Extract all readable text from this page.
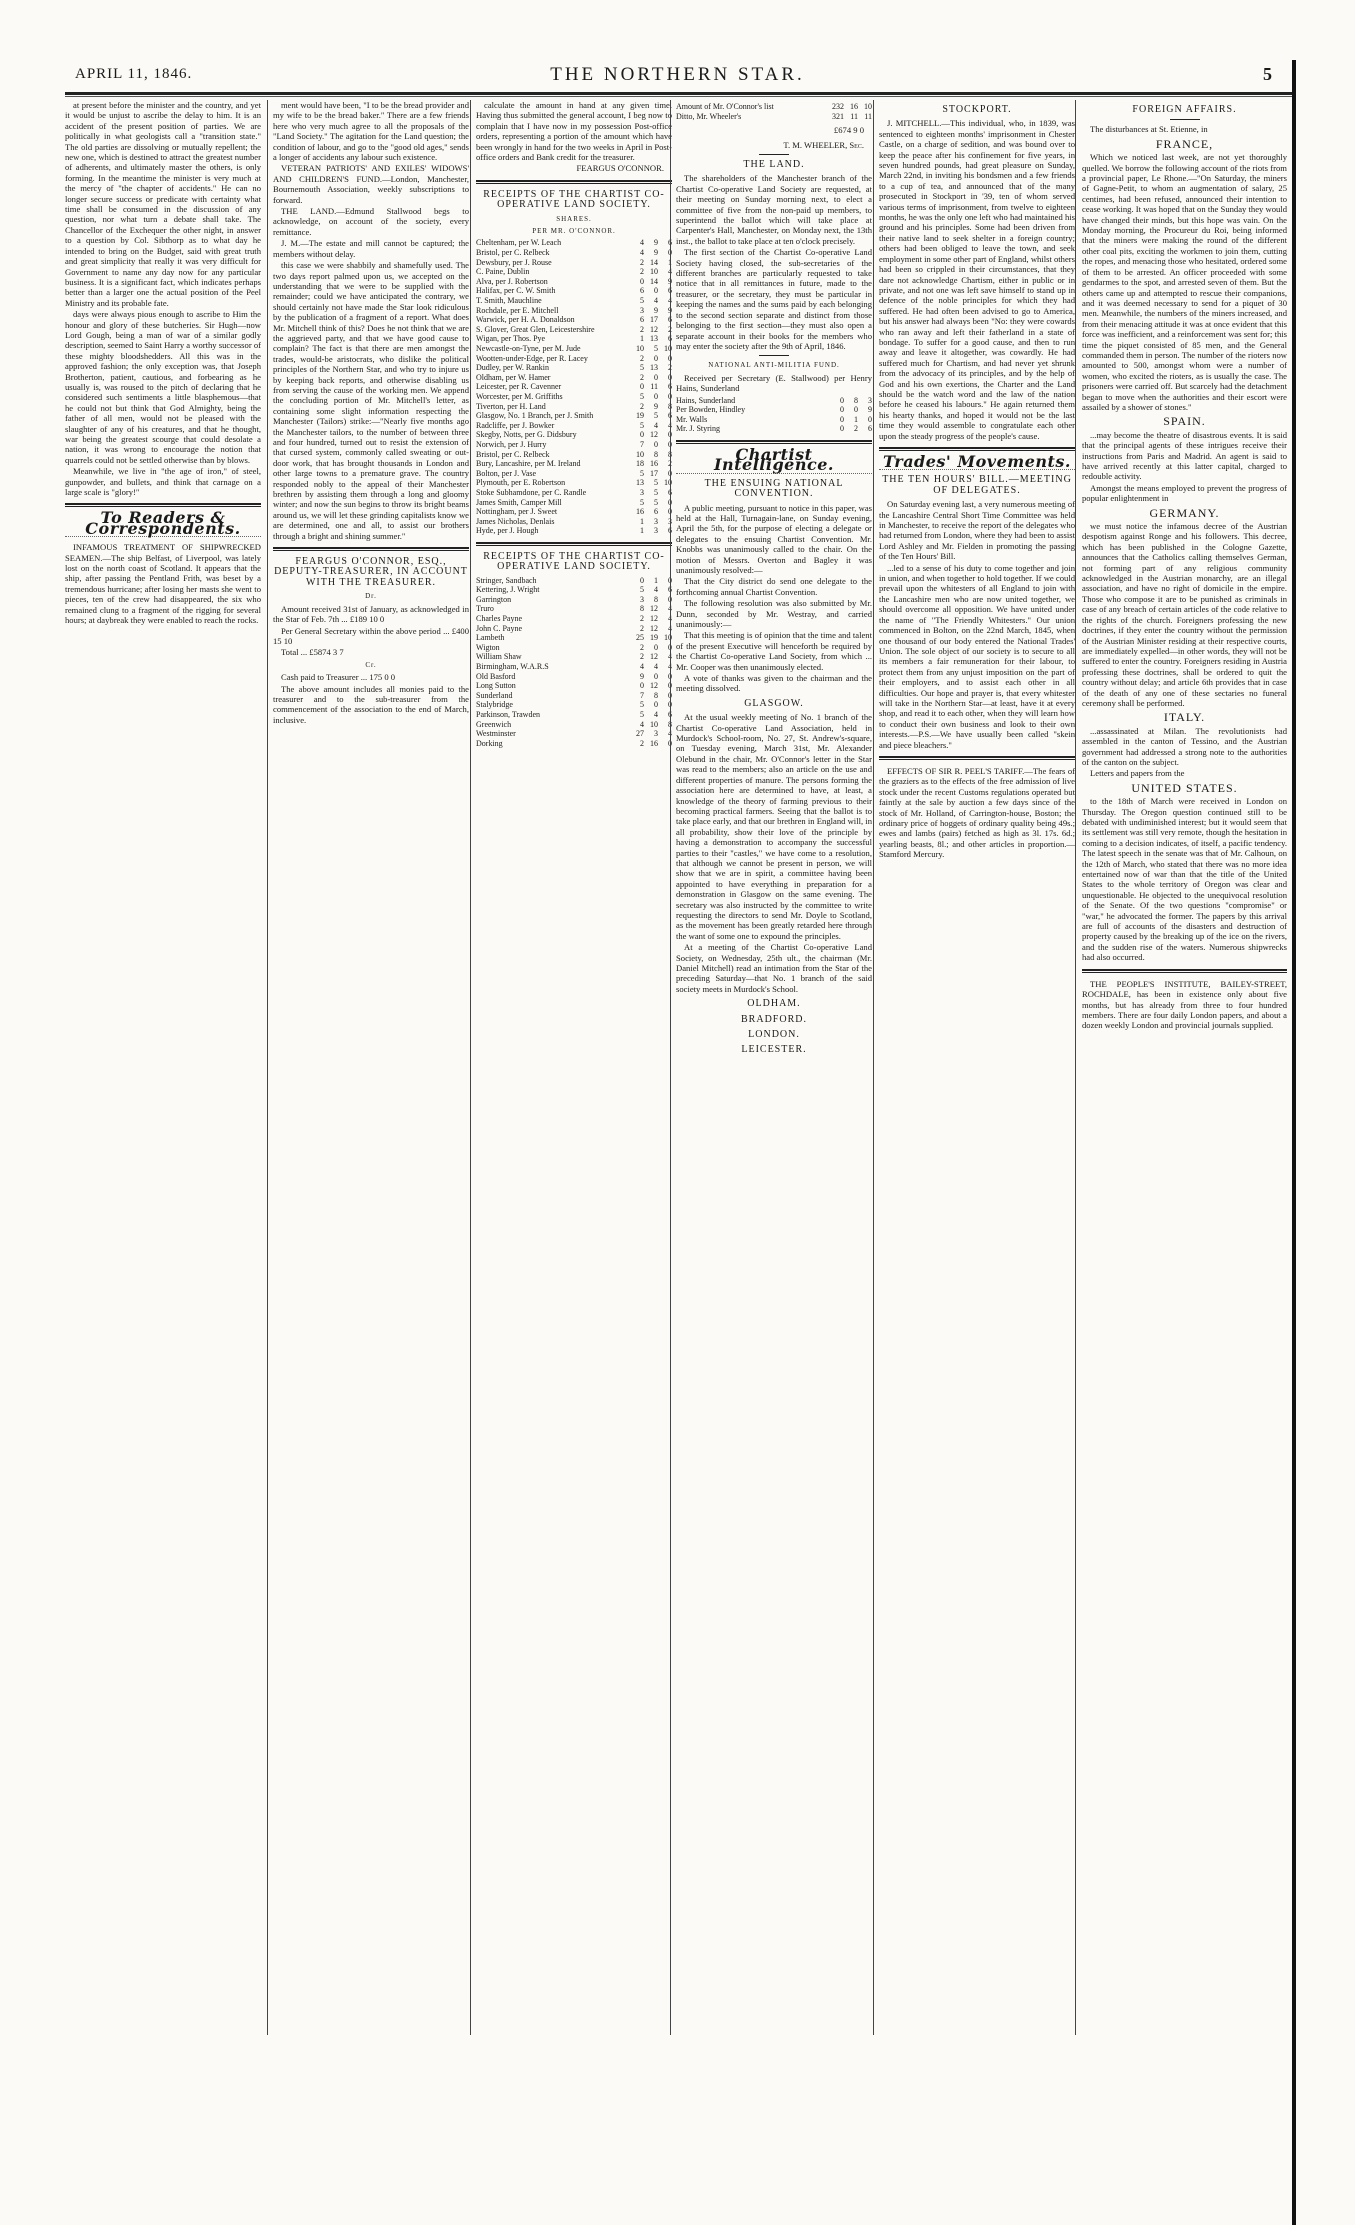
APRIL 11, 1846.	THE NORTHERN STAR.	5

at present before the minister and the country, and yet it would be unjust to ascribe the delay to him. It is an accident of the present position of parties. We are politically in what geologists call a "transition state." The old parties are dissolving or mutually repellent; the new one, which is destined to attract the greatest number of adherents, and ultimately master the others, is only forming. In the meantime the minister is very much at the mercy of "the chapter of accidents." He can no longer secure success or predicate with certainty what time shall be consumed in the discussion of any question, nor what turn a debate shall take. The Chancellor of the Exchequer the other night, in answer to a question by Col. Sibthorp as to what day he intended to bring on the Budget, said with great truth and great simplicity that really it was very difficult for Government to name any day now for any particular business. It is a significant fact, which indicates perhaps better than a larger one the actual position of the Peel Ministry and its probable fate.

days were always pious enough to ascribe to Him the honour and glory of these butcheries. Sir Hugh—now Lord Gough, being a man of war of a similar godly description, seemed to Saint Harry a worthy successor of these mighty bloodshedders. All this was in the approved fashion; the only exception was, that Joseph Brotherton, patient, cautious, and forbearing as he usually is, was roused to the pitch of declaring that he considered such sentiments a little blasphemous—that he could not but think that God Almighty, being the father of all men, would not be pleased with the slaughter of any of his creatures, and that he thought, war being the greatest scourge that could desolate a nation, it was wrong to encourage the notion that quarrels could not be settled otherwise than by blows.

Meanwhile, we live in "the age of iron," of steel, gunpowder, and bullets, and think that carnage on a large scale is "glory!"

To Readers & Correspondents.

INFAMOUS TREATMENT OF SHIPWRECKED SEAMEN.—The ship Belfast, of Liverpool, was lately lost on the north coast of Scotland. It appears that the ship, after passing the Pentland Frith, was beset by a tremendous hurricane; after losing her masts she went to pieces, ten of the crew had disappeared, the six who remained clung to a fragment of the rigging for several hours; at daybreak they were enabled to reach the rocks.

ment would have been, "I to be the bread provider and my wife to be the bread baker." There are a few friends here who very much agree to all the proposals of the "Land Society." The agitation for the Land question; the condition of labour, and go to the "good old ages," sends a longer of accidents any labour such existence.

VETERAN PATRIOTS' AND EXILES' WIDOWS' AND CHILDREN'S FUND.—London, Manchester, Bournemouth Association, weekly subscriptions to forward.

THE LAND.—Edmund Stallwood begs to acknowledge, on account of the society, every remittance.

J. M.—The estate and mill cannot be captured; the members without delay.

this case we were shabbily and shamefully used. The two days report palmed upon us, we accepted on the understanding that we were to be supplied with the remainder; could we have anticipated the contrary, we should certainly not have made the Star look ridiculous by the publication of a fragment of a report. What does Mr. Mitchell think of this? Does he not think that we are the aggrieved party, and that we have good cause to complain? The fact is that there are men amongst the trades, would-be aristocrats, who dislike the political principles of the Northern Star, and who try to injure us by keeping back reports, and otherwise disabling us from serving the cause of the working men. We append the concluding portion of Mr. Mitchell's letter, as containing some slight information respecting the Manchester (Tailors) strike:—"Nearly five months ago the Manchester tailors, to the number of between three and four hundred, turned out to resist the extension of that cursed system, commonly called sweating or out-door work, that has brought thousands in London and other large towns to a premature grave. The country responded nobly to the appeal of their Manchester brethren by assisting them through a long and gloomy winter; and now the sun begins to throw its bright beams around us, we will let these grinding capitalists know we are determined, one and all, to assist our brothers through a bright and shining summer."

FEARGUS O'CONNOR, ESQ., DEPUTY-TREASURER, IN ACCOUNT WITH THE TREASURER.
Dr.

Amount received 31st of January, as acknowledged in the Star of Feb. 7th ... £189 10 0

Per General Secretary within the above period ... £400 15 10

Total ... £5874 3 7

Cr.

Cash paid to Treasurer ... 175 0 0

The above amount includes all monies paid to the treasurer and to the sub-treasurer from the commencement of the association to the end of March, inclusive.

calculate the amount in hand at any given time. Having thus submitted the general account, I beg now to complain that I have now in my possession Post-office orders, representing a portion of the amount which have been wrongly in hand for the two weeks in April in Post-office orders and Bank credit for the treasurer.

FEARGUS O'CONNOR.
RECEIPTS OF THE CHARTIST CO-OPERATIVE LAND SOCIETY.
SHARES.
PER MR. O'CONNOR.
Cheltenham, per W. Leach	4	9	6
Bristol, per C. Relbeck	4	9	0
Dewsbury, per J. Rouse	2	14	1
C. Paine, Dublin	2	10	4
Alva, per J. Robertson	0	14	9
Halifax, per C. W. Smith	6	0	6
T. Smith, Mauchline	5	4	4
Rochdale, per E. Mitchell	3	9	9
Warwick, per H. A. Donaldson	6	17	6
S. Glover, Great Glen, Leicestershire	2	12	2
Wigan, per Thos. Pye	1	13	6
Newcastle-on-Tyne, per M. Jude	10	5	10
Wootten-under-Edge, per R. Lacey	2	0	0
Dudley, per W. Rankin	5	13	2
Oldham, per W. Hamer	2	0	0
Leicester, per R. Cavenner	0	11	6
Worcester, per M. Griffiths	5	0	0
Tiverton, per H. Land	2	9	8
Glasgow, No. 1 Branch, per J. Smith	19	5	6
Radcliffe, per J. Bowker	5	4	4
Skegby, Notts, per G. Didsbury	0	12	0
Norwich, per J. Hurry	7	0	0
Bristol, per C. Relbeck	10	8	8
Bury, Lancashire, per M. Ireland	18	16	2
Bolton, per J. Vase	5	17	0
Plymouth, per E. Robertson	13	5	10
Stoke Subhamdone, per C. Randle	3	5	6
James Smith, Camper Mill	5	5	0
Nottingham, per J. Sweet	16	6	0
James Nicholas, Denlais	1	3	3
Hyde, per J. Hough	1	3	6
RECEIPTS OF THE CHARTIST CO-OPERATIVE LAND SOCIETY.
Stringer, Sandbach	0	1	0
Kettering, J. Wright	5	4	6
Garrington	3	8	0
Truro	8	12	4
Charles Payne	2	12	4
John C. Payne	2	12	4
Lambeth	25	19	10
Wigton	2	0	0
William Shaw	2	12	4
Birmingham, W.A.R.S	4	4	4
Old Basford	9	0	0
Long Sutton	0	12	0
Sunderland	7	8	0
Stalybridge	5	0	0
Parkinson, Trawden	5	4	6
Greenwich	4	10	8
Westminster	27	3	4
Dorking	2	16	0
Amount of Mr. O'Connor's list	232	16	10
Ditto, Mr. Wheeler's	321	11	11
£674 9 0
T. M. WHEELER, Sec.
THE LAND.

The shareholders of the Manchester branch of the Chartist Co-operative Land Society are requested, at their meeting on Sunday morning next, to elect a committee of five from the non-paid up members, to superintend the ballot which will take place at Carpenter's Hall, Manchester, on Monday next, the 13th inst., the ballot to take place at ten o'clock precisely.

The first section of the Chartist Co-operative Land Society having closed, the sub-secretaries of the different branches are particularly requested to take notice that in all remittances in future, made to the treasurer, or the secretary, they must be particular in keeping the names and the sums paid by each belonging to the second section separate and distinct from those belonging to the first section—they must also open a separate account in their books for the members who may enter the society after the 9th of April, 1846.

NATIONAL ANTI-MILITIA FUND.

Received per Secretary (E. Stallwood) per Henry Hains, Sunderland

Hains, Sunderland	0	8	3
Per Bowden, Hindley	0	0	9
Mr. Walls	0	1	0
Mr. J. Styring	0	2	6
Chartist Intelligence.
THE ENSUING NATIONAL CONVENTION.

A public meeting, pursuant to notice in this paper, was held at the Hall, Turnagain-lane, on Sunday evening, April the 5th, for the purpose of electing a delegate or delegates to the ensuing Chartist Convention. Mr. Knobbs was unanimously called to the chair. On the motion of Messrs. Overton and Bagley it was unanimously resolved:—

That the City district do send one delegate to the forthcoming annual Chartist Convention.

The following resolution was also submitted by Mr. Dunn, seconded by Mr. Westray, and carried unanimously:—

That this meeting is of opinion that the time and talent of the present Executive will henceforth be required by the Chartist Co-operative Land Society, from which ... Mr. Cooper was then unanimously elected.

A vote of thanks was given to the chairman and the meeting dissolved.

GLASGOW.

At the usual weekly meeting of No. 1 branch of the Chartist Co-operative Land Association, held in Murdock's School-room, No. 27, St. Andrew's-square, on Tuesday evening, March 31st, Mr. Alexander Olebund in the chair, Mr. O'Connor's letter in the Star was read to the members; also an article on the use and different properties of manure. The persons forming the association here are determined to have, at least, a knowledge of the theory of farming previous to their becoming practical farmers. Seeing that the ballot is to take place early, and that our brethren in England will, in all probability, show their love of the principle by having a demonstration to accompany the successful parties to their "castles," we have come to a resolution, that although we cannot be present in person, we will show that we are in spirit, a committee having been appointed to have everything in preparation for a demonstration in Glasgow on the same evening. The secretary was also instructed by the committee to write requesting the directors to send Mr. Doyle to Scotland, as the movement has been greatly retarded here through the want of some one to expound the principles.

At a meeting of the Chartist Co-operative Land Society, on Wednesday, 25th ult., the chairman (Mr. Daniel Mitchell) read an intimation from the Star of the preceding Saturday—that No. 1 branch of the said society meets in Murdock's School.

OLDHAM.
BRADFORD.
LONDON.
LEICESTER.
STOCKPORT.

J. MITCHELL.—This individual, who, in 1839, was sentenced to eighteen months' imprisonment in Chester Castle, on a charge of sedition, and was bound over to keep the peace after his confinement for five years, in seven hundred pounds, had great pleasure on Sunday, March 22nd, in inviting his bondsmen and a few friends to a cup of tea, and announced that of the many prosecuted in Stockport in '39, ten of whom served various terms of imprisonment, from twelve to eighteen months, he was the only one left who had maintained his ground and his principles. Some had been driven from their native land to seek shelter in a foreign country; others had been obliged to leave the town, and seek employment in some other part of England, whilst others had been so crippled in their circumstances, that they dare not acknowledge Chartism, either in public or in private, and not one was left save himself to stand up in defence of the noble principles for which they had suffered. He had often been advised to go to America, but his answer had always been "No: they were cowards who ran away and left their fatherland in a state of bondage. To suffer for a good cause, and then to run away and leave it altogether, was cowardly. He had suffered much for Chartism, and had never yet shrunk from the advocacy of its principles, and by the help of God and his own exertions, the Charter and the Land should be the watch word and the law of the nation before he ceased his labours." He again returned them his hearty thanks, and hoped it would not be the last time they would assemble to congratulate each other upon the steady progress of the people's cause.

Trades' Movements.
THE TEN HOURS' BILL.—MEETING OF DELEGATES.

On Saturday evening last, a very numerous meeting of the Lancashire Central Short Time Committee was held in Manchester, to receive the report of the delegates who had returned from London, where they had been to assist Lord Ashley and Mr. Fielden in promoting the passing of the Ten Hours' Bill.

...led to a sense of his duty to come together and join in union, and when together to hold together. If we could prevail upon the whitesters of all England to join with the Lancashire men who are now united together, we should overcome all opposition. We have united under the name of "The Friendly Whitesters." Our union commenced in Bolton, on the 22nd March, 1845, when one thousand of our body entered the National Trades' Union. The sole object of our society is to secure to all its members a fair remuneration for their labour, to protect them from any unjust imposition on the part of their employers, and to assist each other in all difficulties. Our hope and prayer is, that every whitester will take in the Northern Star—at least, have it at every shop, and read it to each other, when they will learn how to conduct their own business and look to their own interests.—P.S.—We have usually been called "skein and piece bleachers."

EFFECTS OF SIR R. PEEL'S TARIFF.—The fears of the graziers as to the effects of the free admission of live stock under the recent Customs regulations operated but faintly at the sale by auction a few days since of the stock of Mr. Holland, of Carrington-house, Boston; the ordinary price of hoggets of ordinary quality being 49s.; ewes and lambs (pairs) fetched as high as 3l. 17s. 6d.; yearling beasts, 8l.; and other articles in proportion.—Stamford Mercury.

FOREIGN AFFAIRS.

The disturbances at St. Etienne, in

FRANCE,

Which we noticed last week, are not yet thoroughly quelled. We borrow the following account of the riots from a provincial paper, Le Rhone.—"On Saturday, the miners of Gagne-Petit, to whom an augmentation of salary, 25 centimes, had been refused, announced their intention to cease working. It was hoped that on the Sunday they would have changed their minds, but this hope was vain. On the Monday morning, the Procureur du Roi, being informed that the miners were making the round of the different other coal pits, exciting the workmen to join them, cutting the ropes, and menacing those who hesitated, ordered some of them to be arrested. An officer proceeded with some gendarmes to the spot, and arrested seven of them. But the others came up and attempted to rescue their companions, and it was deemed necessary to send for a piquet of 30 men. Meanwhile, the numbers of the miners increased, and from their menacing attitude it was at once evident that this force was inefficient, and a reinforcement was sent for; this time the piquet consisted of 85 men, and the General commanded them in person. The number of the rioters now amounted to 500, amongst whom were a number of women, who excited the rioters, as is usually the case. The prisoners were carried off. But scarcely had the detachment began to move when the authorities and their escort were assailed by a shower of stones."

SPAIN.

...may become the theatre of disastrous events. It is said that the principal agents of these intrigues receive their instructions from Paris and Madrid. An agent is said to have arrived recently at this latter capital, charged to redouble activity.

Amongst the means employed to prevent the progress of popular enlightenment in

GERMANY.

we must notice the infamous decree of the Austrian despotism against Ronge and his followers. This decree, which has been published in the Cologne Gazette, announces that the Catholics calling themselves German, not forming part of any religious community acknowledged in the Austrian monarchy, are an illegal association, and have no right of domicile in the empire. Those who compose it are to be punished as criminals in case of any breach of certain articles of the code relative to the rights of the church. Foreigners professing the new doctrines, if they enter the country without the permission of the Austrian Minister residing at their respective courts, are immediately expelled—in other words, they will not be suffered to enter the country. Foreigners residing in Austria professing these doctrines, shall be ordered to quit the country without delay; and article 6th provides that in case of the death of any one of these sectaries no funeral ceremony shall be performed.

ITALY.

...assassinated at Milan. The revolutionists had assembled in the canton of Tessino, and the Austrian government had addressed a strong note to the authorities of the canton on the subject.

Letters and papers from the

UNITED STATES.

to the 18th of March were received in London on Thursday. The Oregon question continued still to be debated with undiminished interest; but it would seem that its settlement was still very remote, though the hesitation in coming to a decision indicates, of itself, a pacific tendency. The latest speech in the senate was that of Mr. Calhoun, on the 12th of March, who stated that there was no more idea entertained now of war than that the title of the United States to the whole territory of Oregon was clear and unquestionable. He objected to the unequivocal resolution of the Senate. Of the two questions "compromise" or "war," he advocated the former. The papers by this arrival are full of accounts of the disasters and destruction of property caused by the breaking up of the ice on the rivers, and the sudden rise of the waters. Numerous shipwrecks had also occurred.

THE PEOPLE'S INSTITUTE, BAILEY-STREET, ROCHDALE, has been in existence only about five months, but has already from three to four hundred members. There are four daily London papers, and about a dozen weekly London and provincial journals supplied.
